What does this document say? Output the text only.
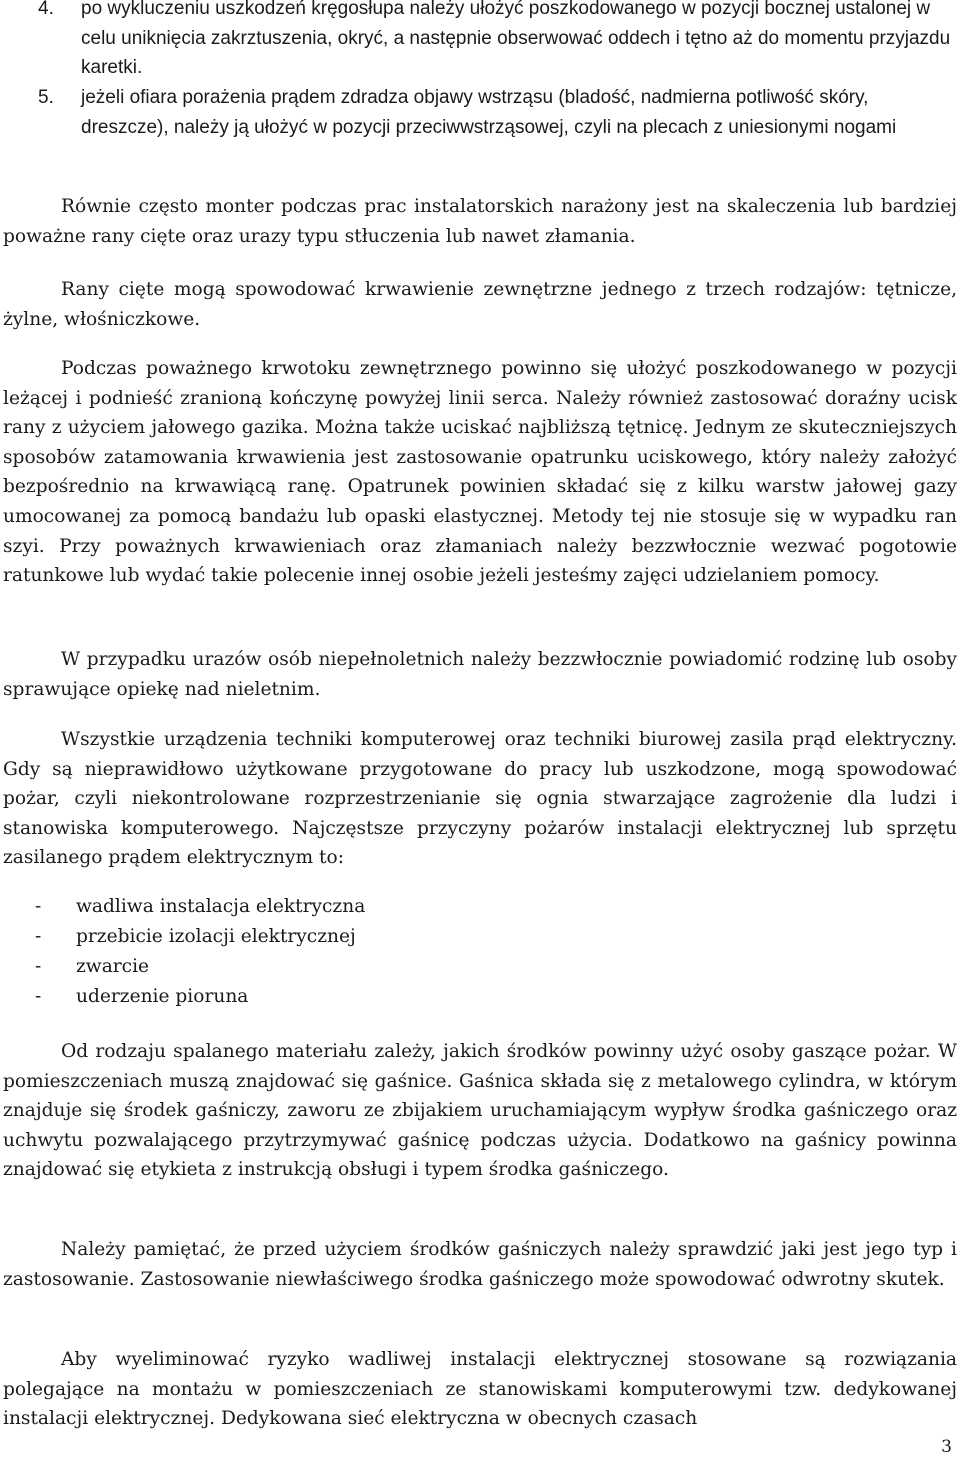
4.	po wykluczeniu uszkodzeń kręgosłupa należy ułożyć poszkodowanego w pozycji bocznej ustalonej w celu uniknięcia zakrztuszenia, okryć, a następnie obserwować oddech i tętno aż do momentu przyjazdu karetki.
5.	jeżeli ofiara porażenia prądem zdradza objawy wstrząsu (bladość, nadmierna potliwość skóry, dreszcze), należy ją ułożyć w pozycji przeciwwstrząsowej, czyli na plecach z uniesionymi nogami
Równie często monter podczas prac instalatorskich narażony jest na skaleczenia lub bardziej poważne rany cięte oraz urazy typu stłuczenia lub nawet złamania.
Rany cięte mogą spowodować krwawienie zewnętrzne jednego z trzech rodzajów: tętnicze, żylne, włośniczkowe.
Podczas poważnego krwotoku zewnętrznego powinno się ułożyć poszkodowanego w pozycji leżącej i podnieść zranioną kończynę powyżej linii serca. Należy również zastosować doraźny ucisk rany z użyciem jałowego gazika. Można także uciskać najbliższą tętnicę. Jednym ze skuteczniejszych sposobów zatamowania krwawienia jest zastosowanie opatrunku uciskowego, który należy założyć bezpośrednio na krwawiącą ranę. Opatrunek powinien składać się z kilku warstw jałowej gazy umocowanej za pomocą bandażu lub opaski elastycznej. Metody tej nie stosuje się w wypadku ran szyi. Przy poważnych krwawieniach oraz złamaniach należy bezzwłocznie wezwać pogotowie ratunkowe lub wydać takie polecenie innej osobie jeżeli jesteśmy zajęci udzielaniem pomocy.
W przypadku urazów osób niepełnoletnich należy bezzwłocznie powiadomić rodzinę lub osoby sprawujące opiekę nad nieletnim.
Wszystkie urządzenia techniki komputerowej oraz techniki biurowej zasila prąd elektryczny. Gdy są nieprawidłowo użytkowane przygotowane do pracy lub uszkodzone, mogą spowodować pożar, czyli niekontrolowane rozprzestrzenianie się ognia stwarzające zagrożenie dla ludzi i stanowiska komputerowego. Najczęstsze przyczyny pożarów instalacji elektrycznej lub sprzętu zasilanego prądem elektrycznym to:
- wadliwa instalacja elektryczna
- przebicie izolacji elektrycznej
- zwarcie
- uderzenie pioruna
Od rodzaju spalanego materiału zależy, jakich środków powinny użyć osoby gaszące pożar. W pomieszczeniach muszą znajdować się gaśnice. Gaśnica składa się z metalowego cylindra, w którym znajduje się środek gaśniczy, zaworu ze zbijakiem uruchamiającym wypływ środka gaśniczego oraz uchwytu pozwalającego przytrzymywać gaśnicę podczas użycia. Dodatkowo na gaśnicy powinna znajdować się etykieta z instrukcją obsługi i typem środka gaśniczego.
Należy pamiętać, że przed użyciem środków gaśniczych należy sprawdzić jaki jest jego typ i zastosowanie. Zastosowanie niewłaściwego środka gaśniczego może spowodować odwrotny skutek.
Aby wyeliminować ryzyko wadliwej instalacji elektrycznej stosowane są rozwiązania polegające na montażu w pomieszczeniach ze stanowiskami komputerowymi tzw. dedykowanej instalacji elektrycznej. Dedykowana sieć elektryczna w obecnych czasach
3
